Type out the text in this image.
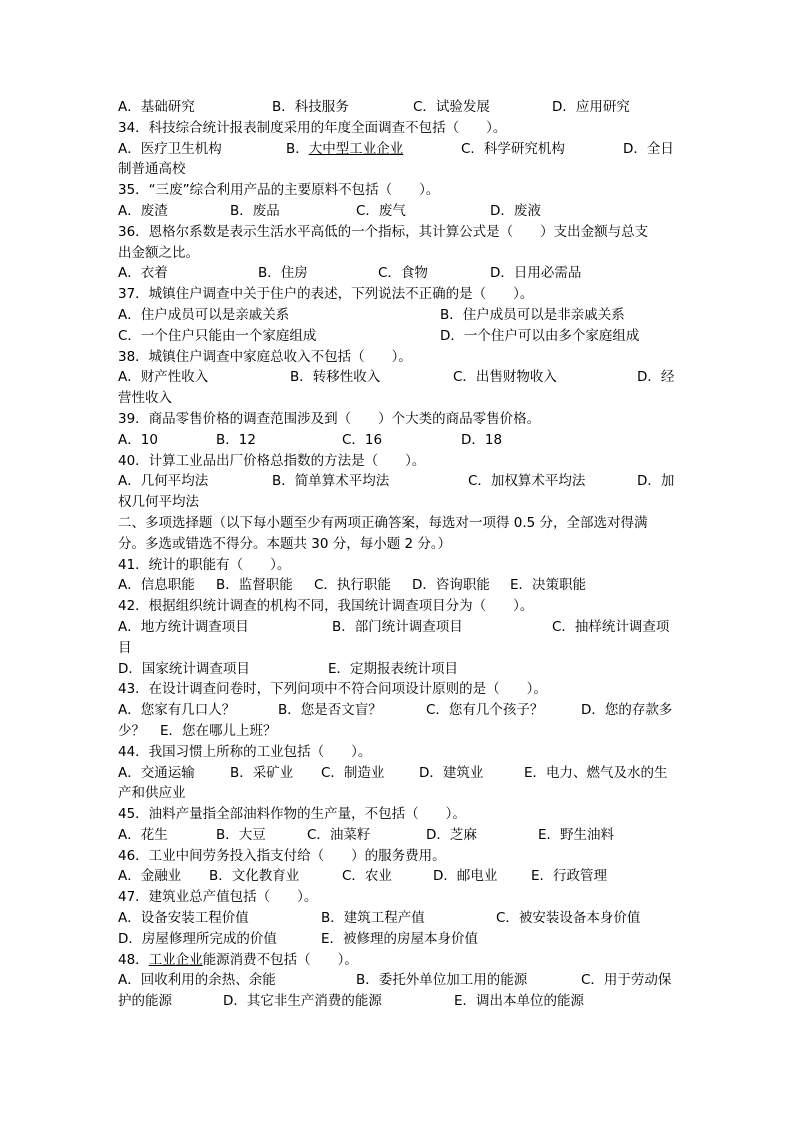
A．基础研究	B．科技服务	C．试验发展	D．应用研究
34．科技综合统计报表制度采用的年度全面调查不包括（　　）。
A．医疗卫生机构	B．大中型工业企业	C．科学研究机构	D．全日
制普通高校
35．“三废”综合利用产品的主要原料不包括（　　）。
A．废渣	B．废品	C．废气	D．废液
36．恩格尔系数是表示生活水平高低的一个指标，其计算公式是（　　）支出金额与总支
出金额之比。
A．衣着	B．住房	C．食物	D．日用必需品
37．城镇住户调查中关于住户的表述，下列说法不正确的是（　　）。
A．住户成员可以是亲戚关系	B．住户成员可以是非亲戚关系
C．一个住户只能由一个家庭组成	D．一个住户可以由多个家庭组成
38．城镇住户调查中家庭总收入不包括（　　）。
A．财产性收入	B．转移性收入	C．出售财物收入	D．经
营性收入
39．商品零售价格的调查范围涉及到（　　）个大类的商品零售价格。
A．10	B．12	C．16	D．18
40．计算工业品出厂价格总指数的方法是（　　）。
A．几何平均法	B．简单算术平均法	C．加权算术平均法	D．加
权几何平均法
二、多项选择题（以下每小题至少有两项正确答案，每选对一项得 0.5 分，全部选对得满
分。多选或错选不得分。本题共 30 分，每小题 2 分。）
41．统计的职能有（　　）。
A．信息职能 B．监督职能 C．执行职能 D．咨询职能 E．决策职能
42．根据组织统计调查的机构不同，我国统计调查项目分为（　　）。
A．地方统计调查项目	B．部门统计调查项目	C．抽样统计调查项
目
D．国家统计调查项目	E．定期报表统计项目
43．在设计调查问卷时，下列问项中不符合问项设计原则的是（　　）。
A．您家有几口人？	B．您是否文盲？	C．您有几个孩子？	D．您的存款多
少？ E．您在哪儿上班？
44．我国习惯上所称的工业包括（　　）。
A．交通运输	B．采矿业 C．制造业	D．建筑业	E．电力、燃气及水的生
产和供应业
45．油料产量指全部油料作物的生产量，不包括（　　）。
A．花生	B．大豆	C．油菜籽	D．芝麻	E．野生油料
46．工业中间劳务投入指支付给（　　）的服务费用。
A．金融业 B．文化教育业	C．农业	D．邮电业 E．行政管理
47．建筑业总产值包括（　　）。
A．设备安装工程价值	B．建筑工程产值	C．被安装设备本身价值
D．房屋修理所完成的价值	E．被修理的房屋本身价值
48．工业企业能源消费不包括（　　）。
A．回收利用的余热、余能	B．委托外单位加工用的能源	C．用于劳动保
护的能源	D．其它非生产消费的能源	E．调出本单位的能源
